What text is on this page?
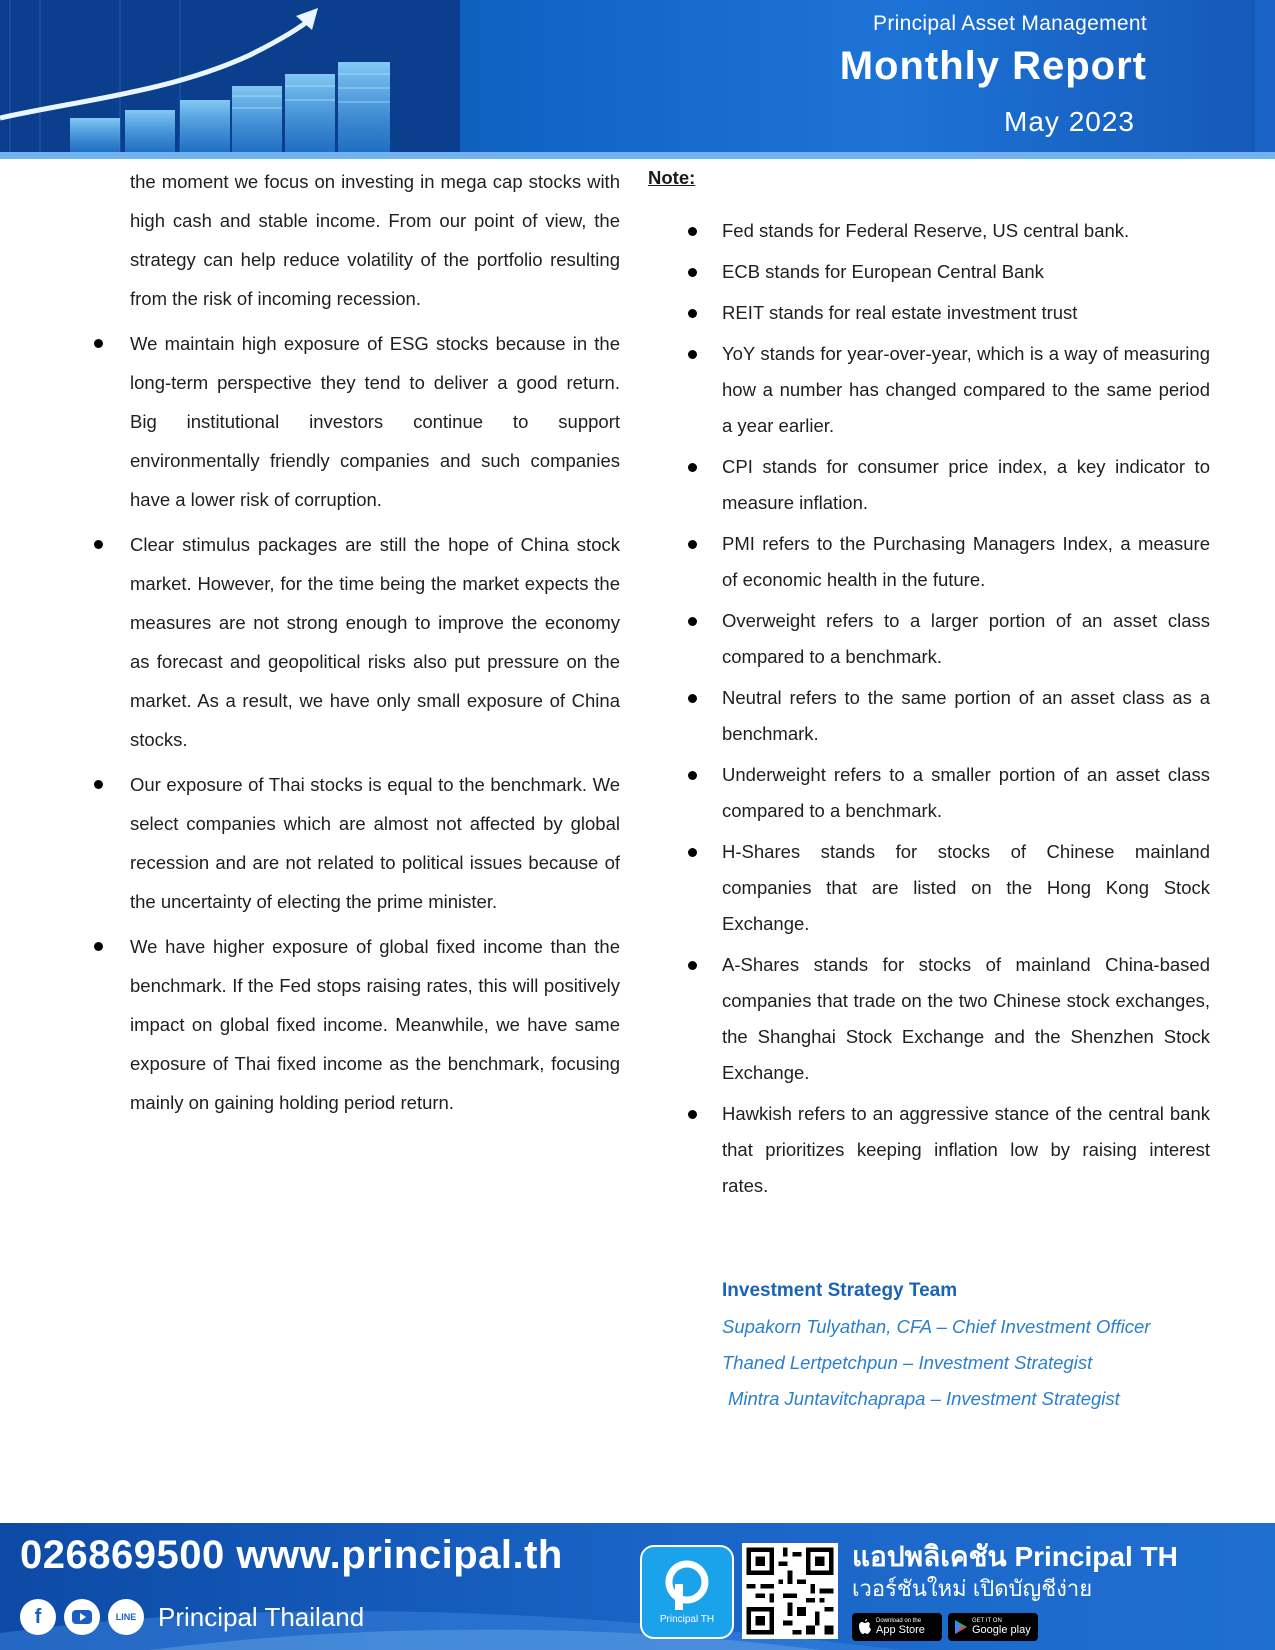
Principal Asset Management
Monthly Report
May 2023

the moment we focus on investing in mega cap stocks with high cash and stable income. From our point of view, the strategy can help reduce volatility of the portfolio resulting from the risk of incoming recession.

We maintain high exposure of ESG stocks because in the long-term perspective they tend to deliver a good return. Big institutional investors continue to support environmentally friendly companies and such companies have a lower risk of corruption.

Clear stimulus packages are still the hope of China stock market. However, for the time being the market expects the measures are not strong enough to improve the economy as forecast and geopolitical risks also put pressure on the market. As a result, we have only small exposure of China stocks.

Our exposure of Thai stocks is equal to the benchmark. We select companies which are almost not affected by global recession and are not related to political issues because of the uncertainty of electing the prime minister.

We have higher exposure of global fixed income than the benchmark. If the Fed stops raising rates, this will positively impact on global fixed income. Meanwhile, we have same exposure of Thai fixed income as the benchmark, focusing mainly on gaining holding period return.

Note:

Fed stands for Federal Reserve, US central bank.

ECB stands for European Central Bank

REIT stands for real estate investment trust

YoY stands for year-over-year, which is a way of measuring how a number has changed compared to the same period a year earlier.

CPI stands for consumer price index, a key indicator to measure inflation.

PMI refers to the Purchasing Managers Index, a measure of economic health in the future.

Overweight refers to a larger portion of an asset class compared to a benchmark.

Neutral refers to the same portion of an asset class as a benchmark.

Underweight refers to a smaller portion of an asset class compared to a benchmark.

H-Shares stands for stocks of Chinese mainland companies that are listed on the Hong Kong Stock Exchange.

A-Shares stands for stocks of mainland China-based companies that trade on the two Chinese stock exchanges, the Shanghai Stock Exchange and the Shenzhen Stock Exchange.

Hawkish refers to an aggressive stance of the central bank that prioritizes keeping inflation low by raising interest rates.

Investment Strategy Team
Supakorn Tulyathan, CFA – Chief Investment Officer
Thaned Lertpetchpun – Investment Strategist
Mintra Juntavitchaprapa – Investment Strategist
026869500 www.principal.th
f	LINE Principal Thailand	Principal TH
แอปพลิเคชัน Principal TH
เวอร์ชันใหม่ เปิดบัญชีง่าย
Download on the
App Store
GET IT ON
Google play
